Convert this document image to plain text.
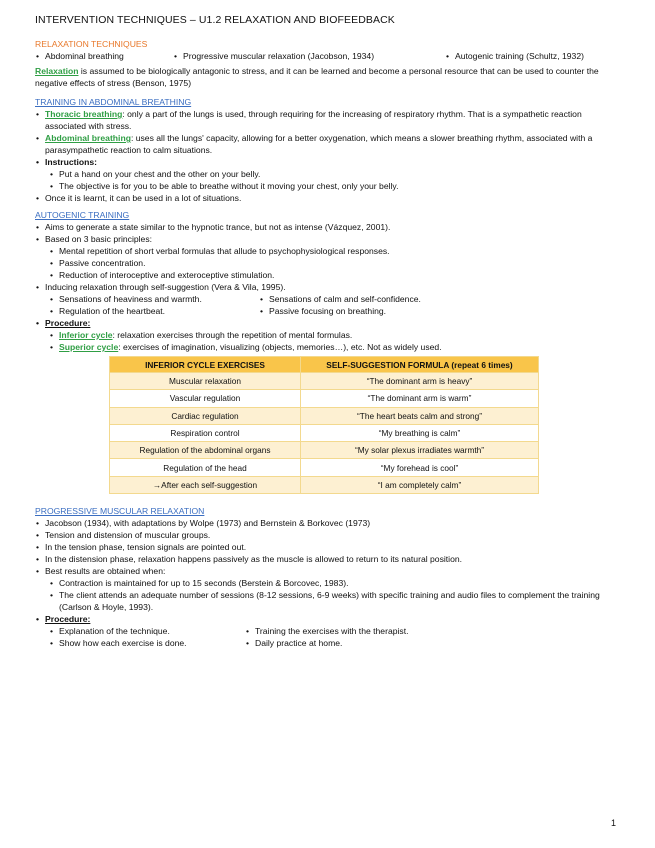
INTERVENTION TECHNIQUES – U1.2 RELAXATION AND BIOFEEDBACK

RELAXATION TECHNIQUES

• Abdominal breathing	• Progressive muscular relaxation (Jacobson, 1934)	• Autogenic training (Schultz, 1932)

Relaxation is assumed to be biologically antagonic to stress, and it can be learned and become a personal resource that can be used to counter the negative effects of stress (Benson, 1975)

TRAINING IN ABDOMINAL BREATHING

• Thoracic breathing: only a part of the lungs is used, through requiring for the increasing of respiratory rhythm. That is a sympathetic reaction associated with stress.
• Abdominal breathing: uses all the lungs' capacity, allowing for a better oxygenation, which means a slower breathing rhythm, associated with a parasympathetic reaction to calm situations.
• Instructions:
• Put a hand on your chest and the other on your belly.
• The objective is for you to be able to breathe without it moving your chest, only your belly.
• Once it is learnt, it can be used in a lot of situations.

AUTOGENIC TRAINING

• Aims to generate a state similar to the hypnotic trance, but not as intense (Vázquez, 2001).
• Based on 3 basic principles:
• Mental repetition of short verbal formulas that allude to psychophysiological responses.
• Passive concentration.
• Reduction of interoceptive and exteroceptive stimulation.
• Inducing relaxation through self-suggestion (Vera & Vila, 1995).
• Sensations of heaviness and warmth.
• Regulation of the heartbeat.
• Sensations of calm and self-confidence.
• Passive focusing on breathing.
• Procedure:
• Inferior cycle: relaxation exercises through the repetition of mental formulas.
• Superior cycle: exercises of imagination, visualizing (objects, memories…), etc. Not as widely used.
INFERIOR CYCLE EXERCISES	SELF-SUGGESTION FORMULA (repeat 6 times)
Muscular relaxation	“The dominant arm is heavy”
Vascular regulation	“The dominant arm is warm”
Cardiac regulation	“The heart beats calm and strong”
Respiration control	“My breathing is calm”
Regulation of the abdominal organs	“My solar plexus irradiates warmth”
Regulation of the head	“My forehead is cool”
→After each self-suggestion	“I am completely calm”

PROGRESSIVE MUSCULAR RELAXATION

• Jacobson (1934), with adaptations by Wolpe (1973) and Bernstein & Borkovec (1973)
• Tension and distension of muscular groups.
• In the tension phase, tension signals are pointed out.
• In the distension phase, relaxation happens passively as the muscle is allowed to return to its natural position.
• Best results are obtained when:
• Contraction is maintained for up to 15 seconds (Berstein & Borcovec, 1983).
• The client attends an adequate number of sessions (8-12 sessions, 6-9 weeks) with specific training and audio files to complement the training (Carlson & Hoyle, 1993).
• Procedure:
• Explanation of the technique.
• Show how each exercise is done.
• Training the exercises with the therapist.
• Daily practice at home.
1
